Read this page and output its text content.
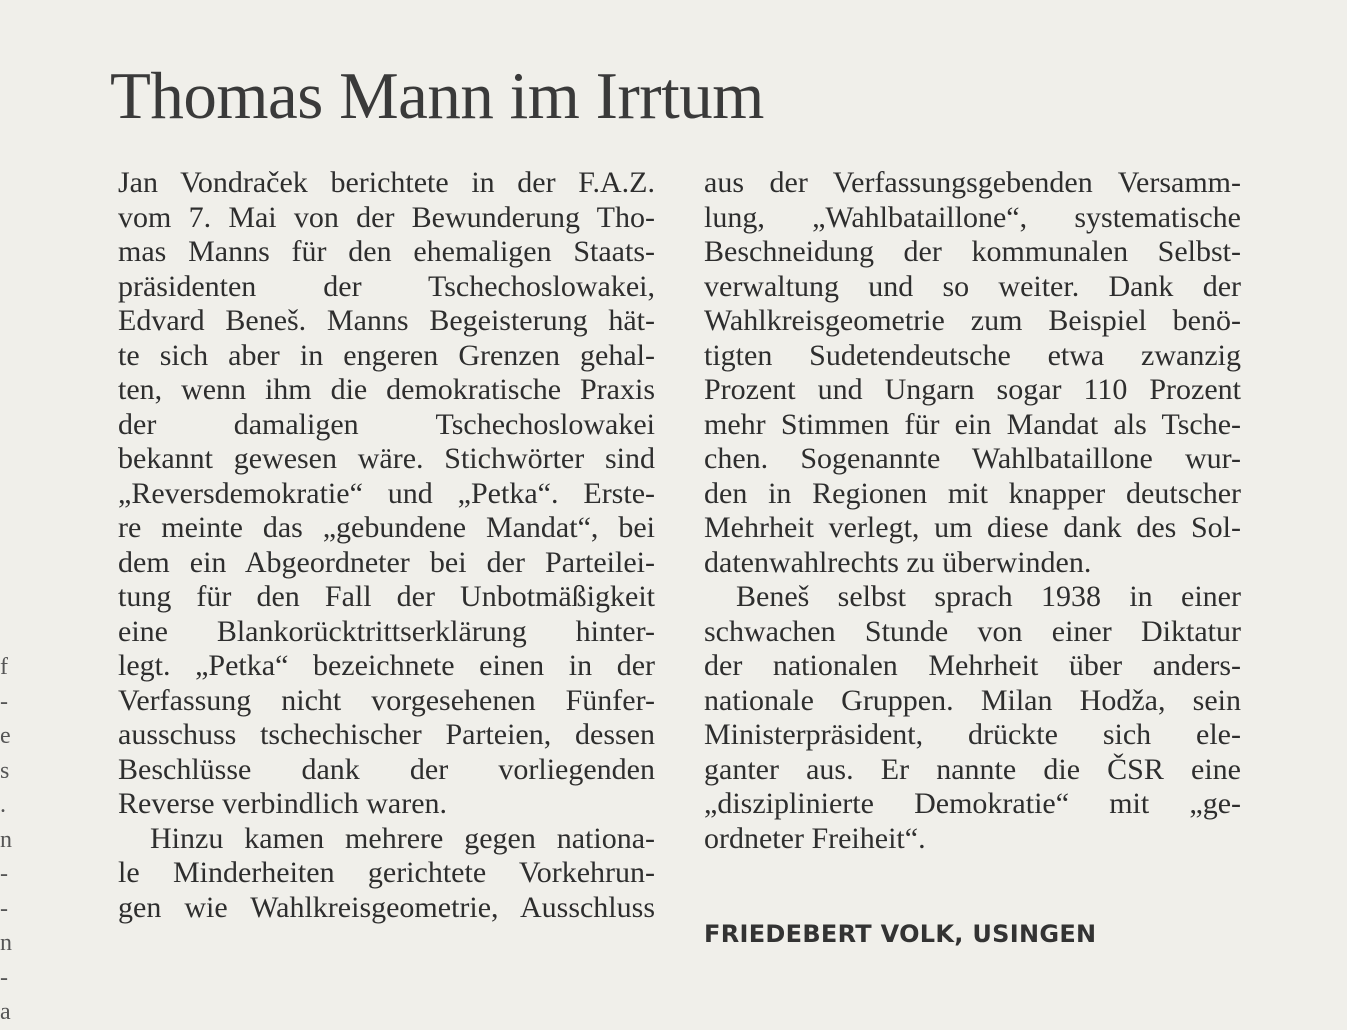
Thomas Mann im Irrtum
Jan Vondraček berichtete in der F.A.Z.
vom 7. Mai von der Bewunderung Tho-
mas Manns für den ehemaligen Staats-
präsidenten der Tschechoslowakei,
Edvard Beneš. Manns Begeisterung hät-
te sich aber in engeren Grenzen gehal-
ten, wenn ihm die demokratische Praxis
der damaligen Tschechoslowakei
bekannt gewesen wäre. Stichwörter sind
„Reversdemokratie“ und „Petka“. Erste-
re meinte das „gebundene Mandat“, bei
dem ein Abgeordneter bei der Parteilei-
tung für den Fall der Unbotmäßigkeit
eine Blankorücktrittserklärung hinter-
legt. „Petka“ bezeichnete einen in der
Verfassung nicht vorgesehenen Fünfer-
ausschuss tschechischer Parteien, dessen
Beschlüsse dank der vorliegenden
Reverse verbindlich waren.
Hinzu kamen mehrere gegen nationa-
le Minderheiten gerichtete Vorkehrun-
gen wie Wahlkreisgeometrie, Ausschluss
aus der Verfassungsgebenden Versamm-
lung, „Wahlbataillone“, systematische
Beschneidung der kommunalen Selbst-
verwaltung und so weiter. Dank der
Wahlkreisgeometrie zum Beispiel benö-
tigten Sudetendeutsche etwa zwanzig
Prozent und Ungarn sogar 110 Prozent
mehr Stimmen für ein Mandat als Tsche-
chen. Sogenannte Wahlbataillone wur-
den in Regionen mit knapper deutscher
Mehrheit verlegt, um diese dank des Sol-
datenwahlrechts zu überwinden.
Beneš selbst sprach 1938 in einer
schwachen Stunde von einer Diktatur
der nationalen Mehrheit über anders-
nationale Gruppen. Milan Hodža, sein
Ministerpräsident, drückte sich ele-
ganter aus. Er nannte die ČSR eine
„disziplinierte Demokratie“ mit „ge-
ordneter Freiheit“.
FRIEDEBERT VOLK, USINGEN
f
-
e
s
.
n
-
-
n
-
a
